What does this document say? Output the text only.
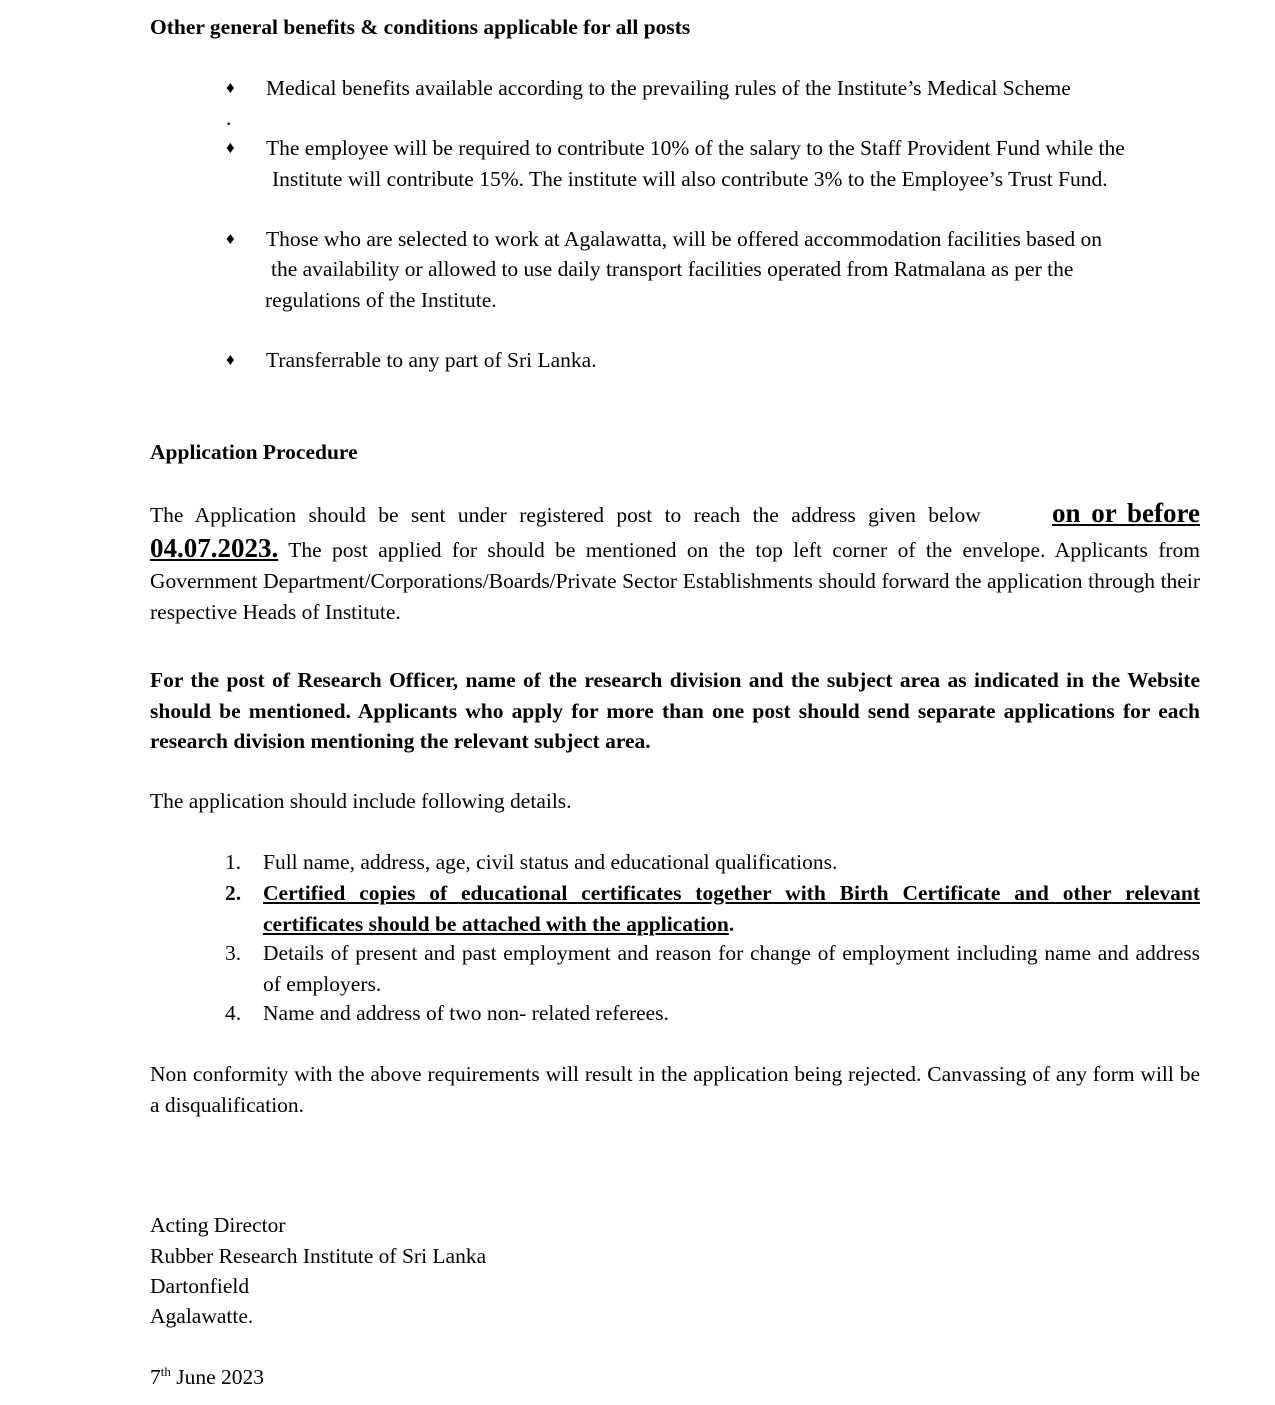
Other general benefits & conditions applicable for all posts
♦ Medical benefits available according to the prevailing rules of the Institute’s Medical Scheme
.
♦ The employee will be required to contribute 10% of the salary to the Staff Provident Fund while the
Institute will contribute 15%. The institute will also contribute 3% to the Employee’s Trust Fund.
♦ Those who are selected to work at Agalawatta, will be offered accommodation facilities based on
the availability or allowed to use daily transport facilities operated from Ratmalana as per the
regulations of the Institute.
♦ Transferrable to any part of Sri Lanka.
Application Procedure
The Application should be sent under registered post to reach the address given below	on or before
04.07.2023. The post applied for should be mentioned on the top left corner of the envelope. Applicants from Government Department/Corporations/Boards/Private Sector Establishments should forward the application through their respective Heads of Institute.
For the post of Research Officer, name of the research division and the subject area as indicated in the Website should be mentioned. Applicants who apply for more than one post should send separate applications for each research division mentioning the relevant subject area.
The application should include following details.
1. Full name, address, age, civil status and educational qualifications.
2. Certified copies of educational certificates together with Birth Certificate and other relevant certificates should be attached with the application.
3. Details of present and past employment and reason for change of employment including name and address of employers.
4. Name and address of two non- related referees.
Non conformity with the above requirements will result in the application being rejected. Canvassing of any form will be a disqualification.
Acting Director
Rubber Research Institute of Sri Lanka
Dartonfield
Agalawatte.
7th June 2023
